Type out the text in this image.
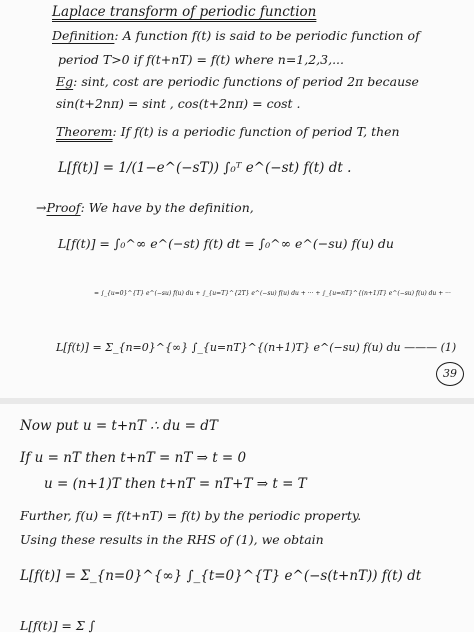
Laplace transform of periodic function
Definition: A function f(t) is said to be periodic function of
period T>0 if f(t+nT) = f(t) where n=1,2,3,...
Eg: sint, cost are periodic functions of period 2π because
sin(t+2nπ) = sint , cos(t+2nπ) = cost .
Theorem: If f(t) is a periodic function of period T, then
L[f(t)] = 1/(1−e^(−sT)) ∫₀ᵀ e^(−st) f(t) dt .
→Proof: We have by the definition,
L[f(t)] = ∫₀^∞ e^(−st) f(t) dt = ∫₀^∞ e^(−su) f(u) du
= ∫_{u=0}^{T} e^(−su) f(u) du + ∫_{u=T}^{2T} e^(−su) f(u) du + ··· + ∫_{u=nT}^{(n+1)T} e^(−su) f(u) du + ···
L[f(t)] = Σ_{n=0}^{∞} ∫_{u=nT}^{(n+1)T} e^(−su) f(u) du ——— (1)
39
Now put u = t+nT ∴ du = dT
If u = nT then t+nT = nT ⇒ t = 0
u = (n+1)T then t+nT = nT+T ⇒ t = T
Further, f(u) = f(t+nT) = f(t) by the periodic property.
Using these results in the RHS of (1), we obtain
L[f(t)] = Σ_{n=0}^{∞} ∫_{t=0}^{T} e^(−s(t+nT)) f(t) dt
L[f(t)] = Σ ∫
